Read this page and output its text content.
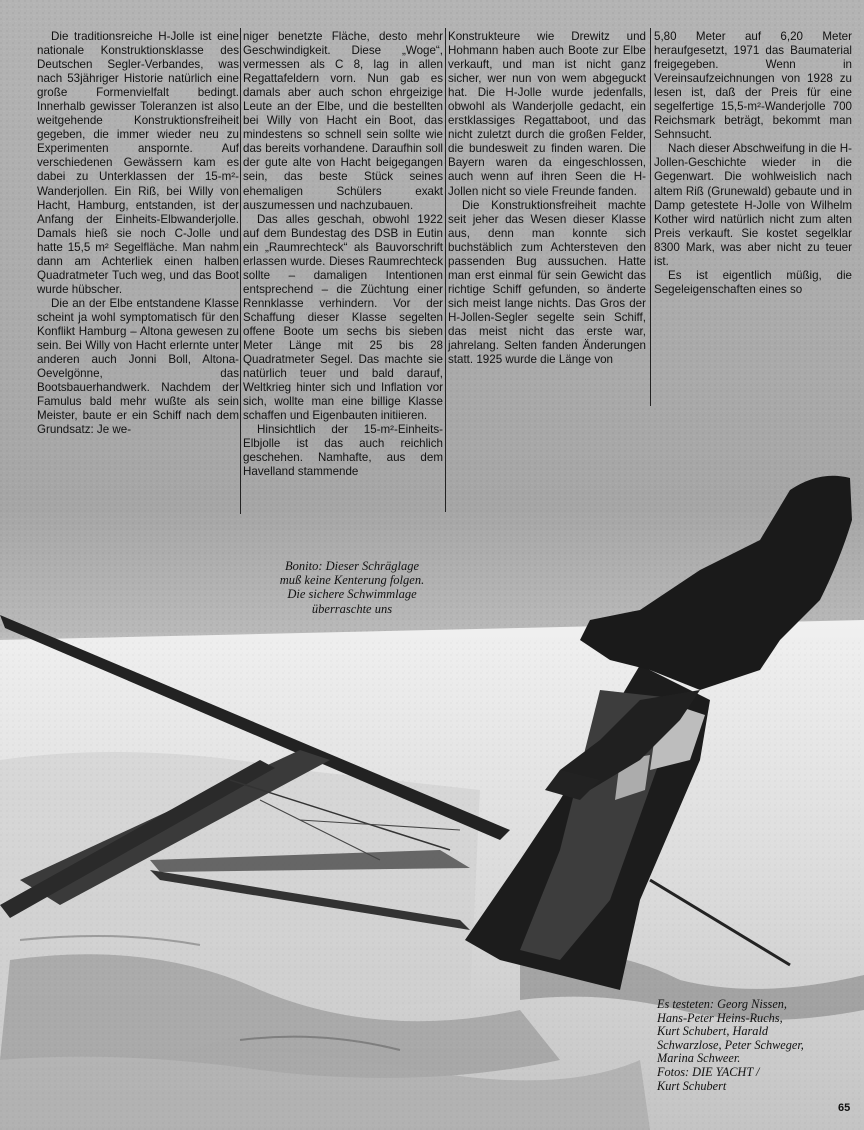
Die traditionsreiche H-Jolle ist eine nationale Konstruktionsklasse des Deutschen Segler-Verbandes, was nach 53jähriger Historie natürlich eine große Formenvielfalt bedingt. Innerhalb gewisser Toleranzen ist also weitgehende Konstruktionsfreiheit gegeben, die immer wieder neu zu Experimenten anspornte. Auf verschiedenen Gewässern kam es dabei zu Unterklassen der 15-m²-Wanderjollen. Ein Riß, bei Willy von Hacht, Hamburg, entstanden, ist der Anfang der Einheits-Elbwanderjolle. Damals hieß sie noch C-Jolle und hatte 15,5 m² Segelfläche. Man nahm dann am Achterliek einen halben Quadratmeter Tuch weg, und das Boot wurde hübscher.

Die an der Elbe entstandene Klasse scheint ja wohl symptomatisch für den Konflikt Hamburg – Altona gewesen zu sein. Bei Willy von Hacht erlernte unter anderen auch Jonni Boll, Altona-Oevelgönne, das Bootsbauerhandwerk. Nachdem der Famulus bald mehr wußte als sein Meister, baute er ein Schiff nach dem Grundsatz: Je we-

niger benetzte Fläche, desto mehr Geschwindigkeit. Diese „Woge“, vermessen als C 8, lag in allen Regattafeldern vorn. Nun gab es damals aber auch schon ehrgeizige Leute an der Elbe, und die bestellten bei Willy von Hacht ein Boot, das mindestens so schnell sein sollte wie das bereits vorhandene. Daraufhin soll der gute alte von Hacht beigegangen sein, das beste Stück seines ehemaligen Schülers exakt auszumessen und nachzubauen.

Das alles geschah, obwohl 1922 auf dem Bundestag des DSB in Eutin ein „Raumrechteck“ als Bauvorschrift erlassen wurde. Dieses Raumrechteck sollte – damaligen Intentionen entsprechend – die Züchtung einer Rennklasse verhindern. Vor der Schaffung dieser Klasse segelten offene Boote um sechs bis sieben Meter Länge mit 25 bis 28 Quadratmeter Segel. Das machte sie natürlich teuer und bald darauf, Weltkrieg hinter sich und Inflation vor sich, wollte man eine billige Klasse schaffen und Eigenbauten initiieren.

Hinsichtlich der 15-m²-Einheits-Elbjolle ist das auch reichlich geschehen. Namhafte, aus dem Havelland stammende

Konstrukteure wie Drewitz und Hohmann haben auch Boote zur Elbe verkauft, und man ist nicht ganz sicher, wer nun von wem abgeguckt hat. Die H-Jolle wurde jedenfalls, obwohl als Wanderjolle gedacht, ein erstklassiges Regattaboot, und das nicht zuletzt durch die großen Felder, die bundesweit zu finden waren. Die Bayern waren da eingeschlossen, auch wenn auf ihren Seen die H-Jollen nicht so viele Freunde fanden.

Die Konstruktionsfreiheit machte seit jeher das Wesen dieser Klasse aus, denn man konnte sich buchstäblich zum Achtersteven den passenden Bug aussuchen. Hatte man erst einmal für sein Gewicht das richtige Schiff gefunden, so änderte sich meist lange nichts. Das Gros der H-Jollen-Segler segelte sein Schiff, das meist nicht das erste war, jahrelang. Selten fanden Änderungen statt. 1925 wurde die Länge von

5,80 Meter auf 6,20 Meter heraufgesetzt, 1971 das Baumaterial freigegeben. Wenn in Vereinsaufzeichnungen von 1928 zu lesen ist, daß der Preis für eine segelfertige 15,5-m²-Wanderjolle 700 Reichsmark beträgt, bekommt man Sehnsucht.

Nach dieser Abschweifung in die H-Jollen-Geschichte wieder in die Gegenwart. Die wohlweislich nach altem Riß (Grunewald) gebaute und in Damp getestete H-Jolle von Wilhelm Kother wird natürlich nicht zum alten Preis verkauft. Sie kostet segelklar 8300 Mark, was aber nicht zu teuer ist.

Es ist eigentlich müßig, die Segeleigenschaften eines so

Bonito: Dieser Schräglage
muß keine Kenterung folgen.
Die sichere Schwimmlage
überraschte uns
Es testeten: Georg Nissen,
Hans-Peter Heins-Ruchs,
Kurt Schubert, Harald
Schwarzlose, Peter Schweger,
Marina Schweer.
Fotos: DIE YACHT /
Kurt Schubert
65
